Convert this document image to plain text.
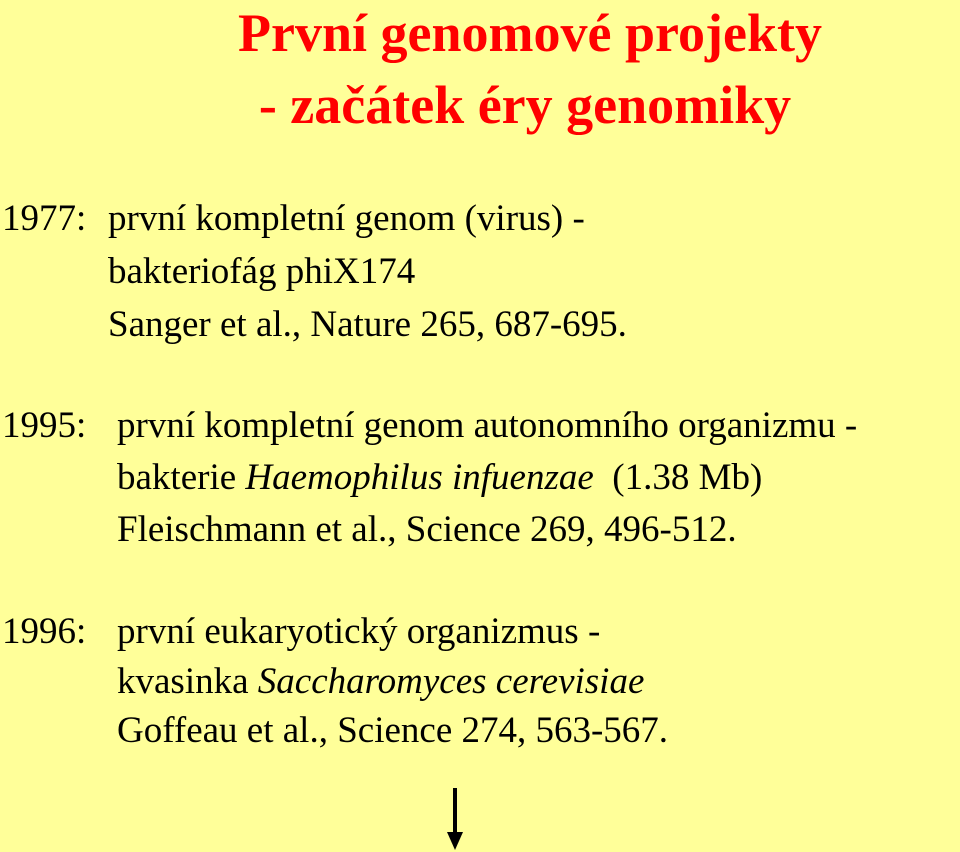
První genomové projekty
- začátek éry genomiky
1977: první kompletní genom (virus) -
bakteriofág phiX174
Sanger et al., Nature 265, 687-695.
1995: první kompletní genom autonomního organizmu -
bakterie Haemophilus infuenzae  (1.38 Mb)
Fleischmann et al., Science 269, 496-512.
1996: první eukaryotický organizmus -
kvasinka Saccharomyces cerevisiae
Goffeau et al., Science 274, 563-567.
